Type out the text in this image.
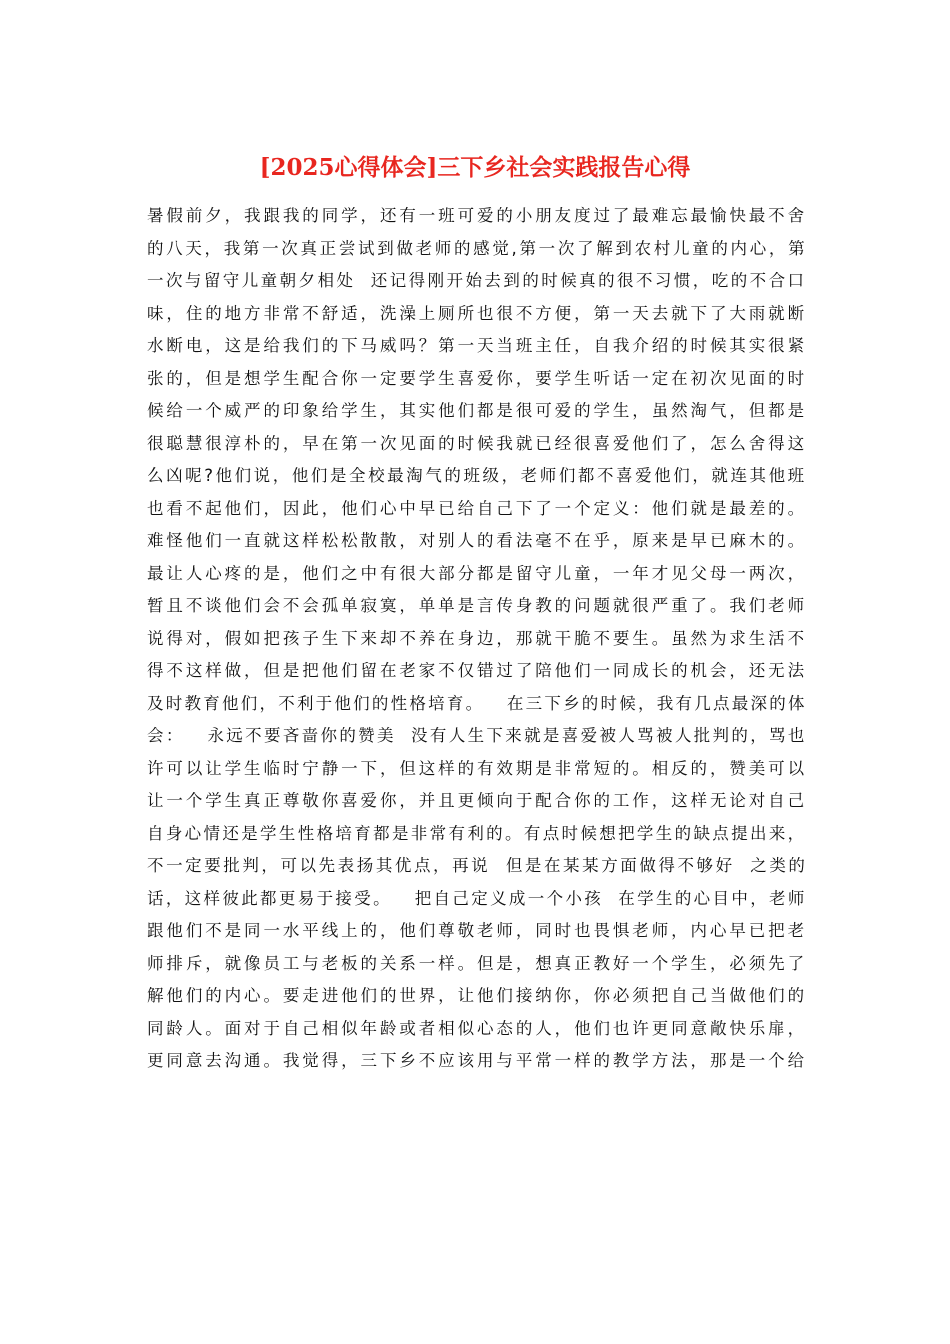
[2025心得体会]三下乡社会实践报告心得
暑假前夕，我跟我的同学，还有一班可爱的小朋友度过了最难忘最愉快最不舍
的八天，我第一次真正尝试到做老师的感觉,第一次了解到农村儿童的内心，第
一次与留守儿童朝夕相处  还记得刚开始去到的时候真的很不习惯，吃的不合口
味，住的地方非常不舒适，洗澡上厕所也很不方便，第一天去就下了大雨就断
水断电，这是给我们的下马威吗？第一天当班主任，自我介绍的时候其实很紧
张的，但是想学生配合你一定要学生喜爱你，要学生听话一定在初次见面的时
候给一个威严的印象给学生，其实他们都是很可爱的学生，虽然淘气，但都是
很聪慧很淳朴的，早在第一次见面的时候我就已经很喜爱他们了，怎么舍得这
么凶呢?他们说，他们是全校最淘气的班级，老师们都不喜爱他们，就连其他班
也看不起他们，因此，他们心中早已给自己下了一个定义：他们就是最差的。
难怪他们一直就这样松松散散，对别人的看法毫不在乎，原来是早已麻木的。
最让人心疼的是，他们之中有很大部分都是留守儿童，一年才见父母一两次，
暂且不谈他们会不会孤单寂寞，单单是言传身教的问题就很严重了。我们老师
说得对，假如把孩子生下来却不养在身边，那就干脆不要生。虽然为求生活不
得不这样做，但是把他们留在老家不仅错过了陪他们一同成长的机会，还无法
及时教育他们，不利于他们的性格培育。   在三下乡的时候，我有几点最深的体
会：   永远不要吝啬你的赞美  没有人生下来就是喜爱被人骂被人批判的，骂也
许可以让学生临时宁静一下，但这样的有效期是非常短的。相反的，赞美可以
让一个学生真正尊敬你喜爱你，并且更倾向于配合你的工作，这样无论对自己
自身心情还是学生性格培育都是非常有利的。有点时候想把学生的缺点提出来，
不一定要批判，可以先表扬其优点，再说  但是在某某方面做得不够好  之类的
话，这样彼此都更易于接受。   把自己定义成一个小孩  在学生的心目中，老师
跟他们不是同一水平线上的，他们尊敬老师，同时也畏惧老师，内心早已把老
师排斥，就像员工与老板的关系一样。但是，想真正教好一个学生，必须先了
解他们的内心。要走进他们的世界，让他们接纳你，你必须把自己当做他们的
同龄人。面对于自己相似年龄或者相似心态的人，他们也许更同意敞快乐扉，
更同意去沟通。我觉得，三下乡不应该用与平常一样的教学方法，那是一个给
